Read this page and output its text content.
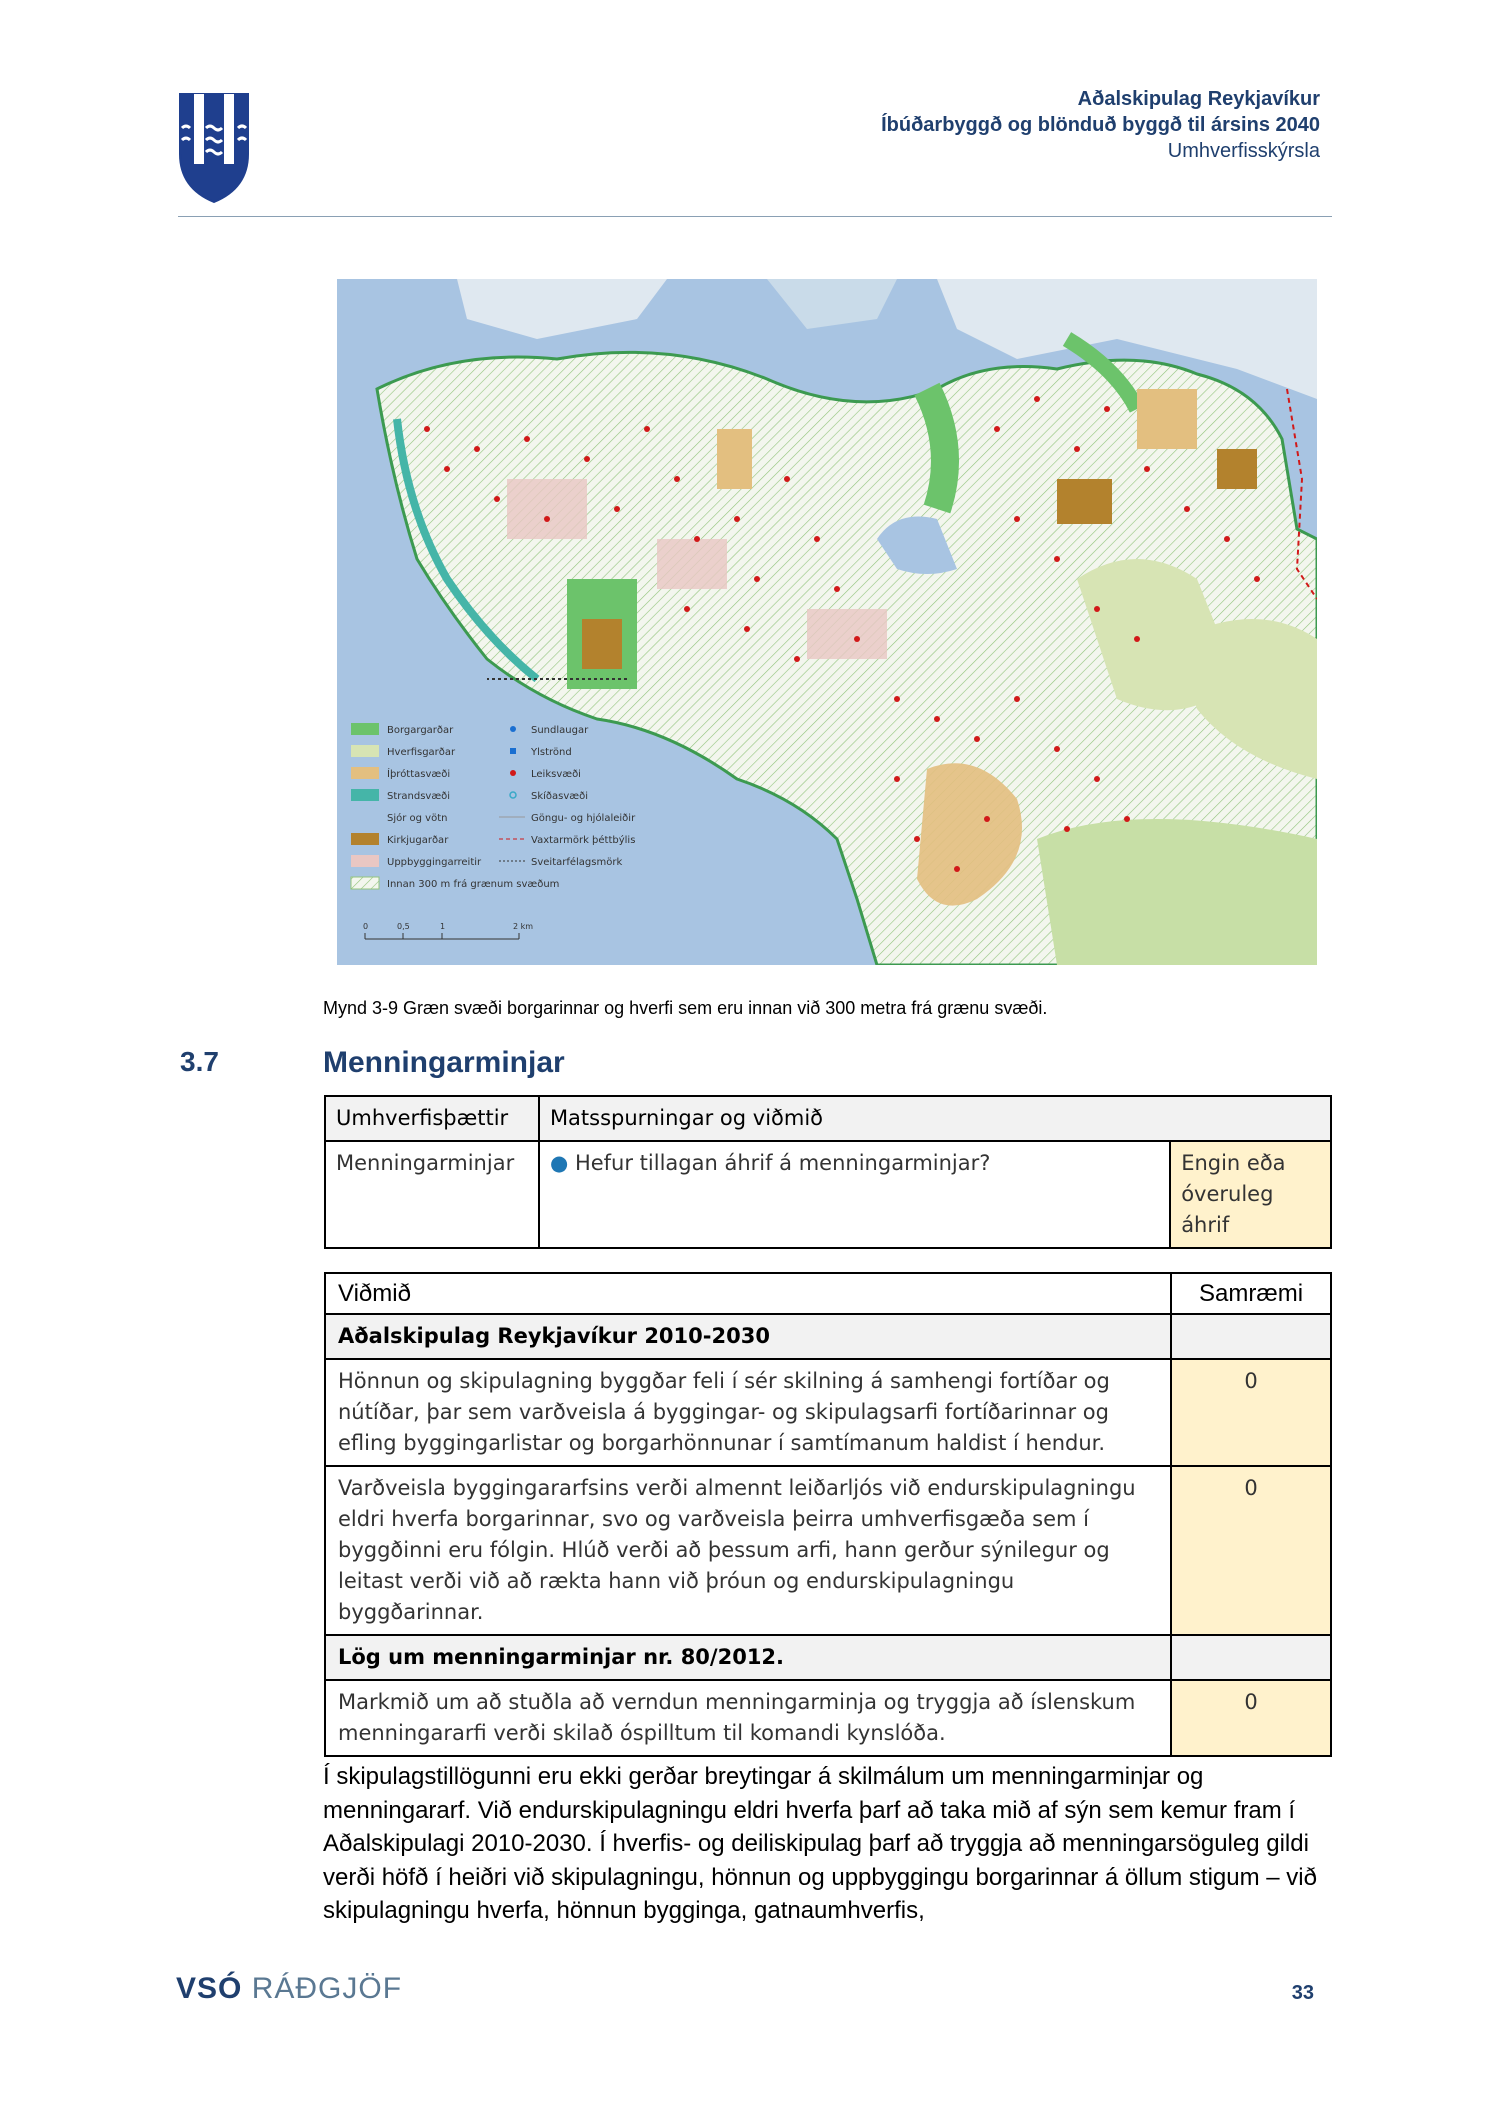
Aðalskipulag Reykjavíkur
Íbúðarbyggð og blönduð byggð til ársins 2040
Umhverfisskýrsla
Borgargarðar
Hverfisgarðar
Íþróttasvæði
Strandsvæði
Sjór og vötn
Kirkjugarðar
Uppbyggingarreitir
Innan 300 m frá grænum svæðum
Sundlaugar
Ylströnd
Leiksvæði
Skíðasvæði
Göngu- og hjólaleiðir
Vaxtarmörk þéttbýlis
Sveitarfélagsmörk
0	0,5	1	2 km
Mynd 3-9 Græn svæði borgarinnar og hverfi sem eru innan við 300 metra frá grænu svæði.
3.7	Menningarminjar
Umhverfisþættir	Matsspurningar og viðmið	
Menningarminjar	● Hefur tillagan áhrif á menningarminjar?	Engin eða óveruleg áhrif
Viðmið	Samræmi
Aðalskipulag Reykjavíkur 2010-2030	
Hönnun og skipulagning byggðar feli í sér skilning á samhengi fortíðar og nútíðar, þar sem varðveisla á byggingar- og skipulagsarfi fortíðarinnar og efling byggingarlistar og borgarhönnunar í samtímanum haldist í hendur.	0
Varðveisla byggingararfsins verði almennt leiðarljós við endurskipulagningu eldri hverfa borgarinnar, svo og varðveisla þeirra umhverfisgæða sem í byggðinni eru fólgin. Hlúð verði að þessum arfi, hann gerður sýnilegur og leitast verði við að rækta hann við þróun og endurskipulagningu byggðarinnar.	0
Lög um menningarminjar nr. 80/2012.	
Markmið um að stuðla að verndun menningarminja og tryggja að íslenskum menningararfi verði skilað óspilltum til komandi kynslóða.	0

Í skipulagstillögunni eru ekki gerðar breytingar á skilmálum um menningarminjar og menningararf. Við endurskipulagningu eldri hverfa þarf að taka mið af sýn sem kemur fram í Aðalskipulagi 2010-2030. Í hverfis- og deiliskipulag þarf að tryggja að menningarsöguleg gildi verði höfð í heiðri við skipulagningu, hönnun og uppbyggingu borgarinnar á öllum stigum – við skipulagningu hverfa, hönnun bygginga, gatnaumhverfis,

VSÓ RÁÐGJÖF	33
